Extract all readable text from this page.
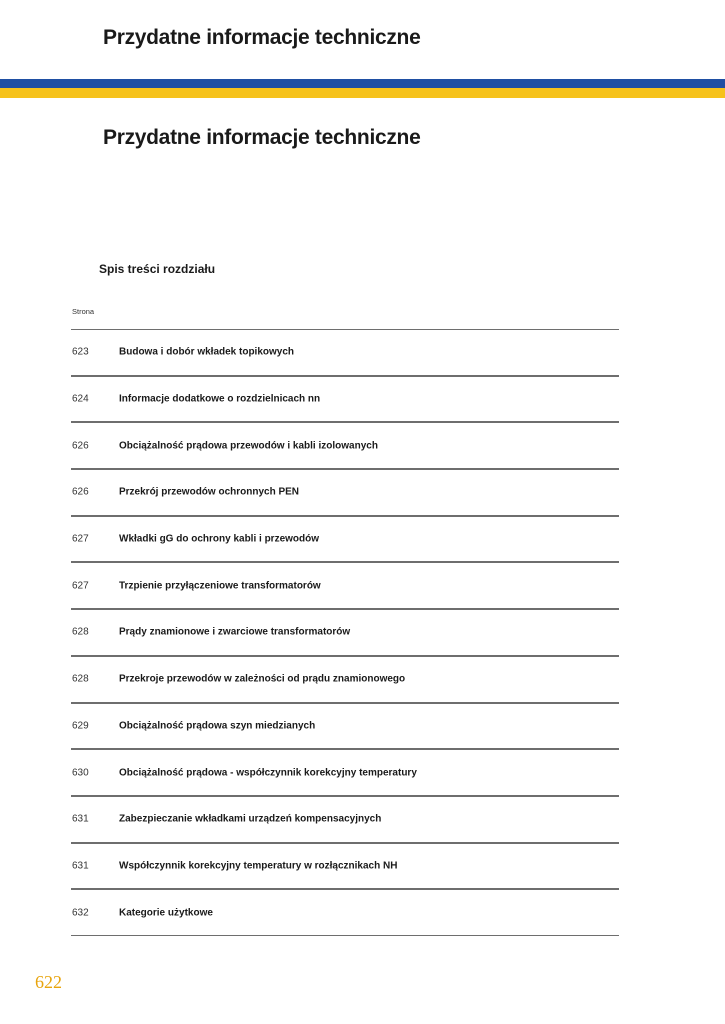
Przydatne informacje techniczne
Przydatne informacje techniczne
Spis treści rozdziału
Strona
623	Budowa i dobór wkładek topikowych
624	Informacje dodatkowe o rozdzielnicach nn
626	Obciążalność prądowa przewodów i kabli izolowanych
626	Przekrój przewodów ochronnych PEN
627	Wkładki gG do ochrony kabli i przewodów
627	Trzpienie przyłączeniowe transformatorów
628	Prądy znamionowe i zwarciowe transformatorów
628	Przekroje przewodów w zależności od prądu znamionowego
629	Obciążalność prądowa szyn miedzianych
630	Obciążalność prądowa - współczynnik korekcyjny temperatury
631	Zabezpieczanie wkładkami urządzeń kompensacyjnych
631	Współczynnik korekcyjny temperatury w rozłącznikach NH
632	Kategorie użytkowe
622
